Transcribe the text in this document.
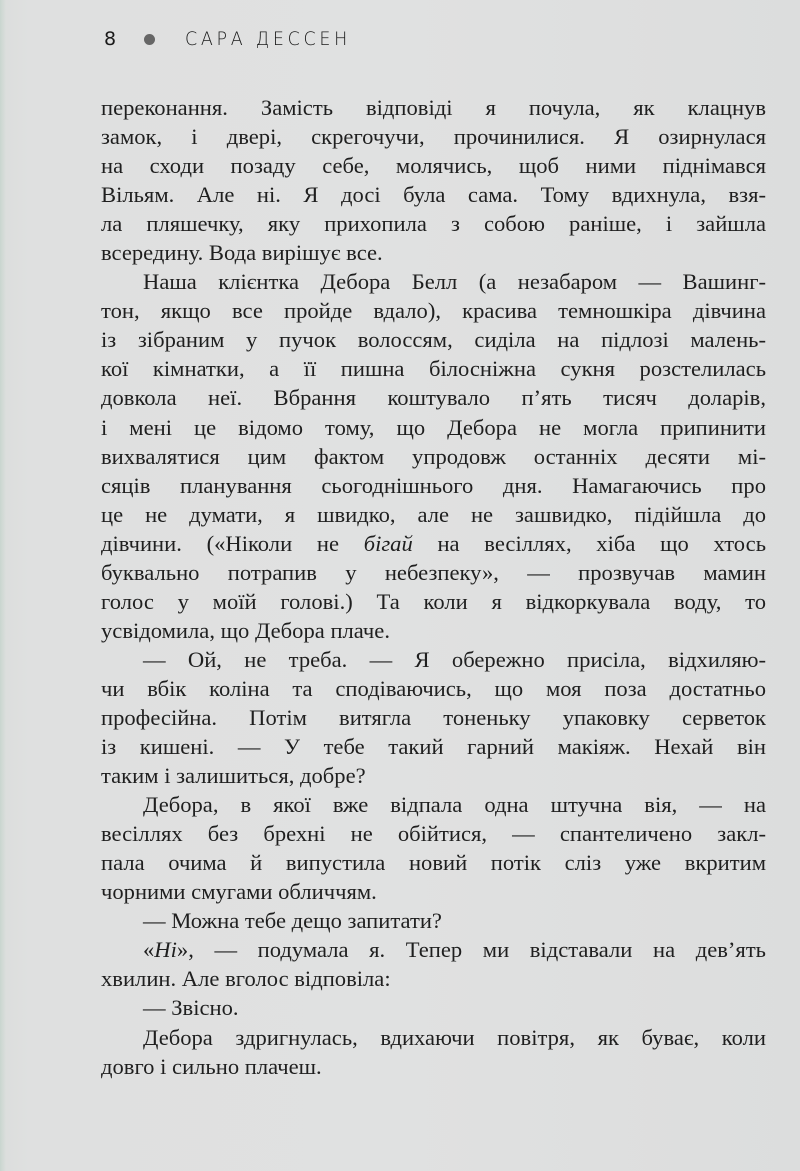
8	САРА ДЕССЕН
переконання. Замість відповіді я почула, як клацнув
замок, і двері, скрегочучи, прочинилися. Я озирнулася
на сходи позаду себе, молячись, щоб ними піднімався
Вільям. Але ні. Я досі була сама. Тому вдихнула, взя-
ла пляшечку, яку прихопила з собою раніше, і зайшла
всередину. Вода вирішує все.
Наша клієнтка Дебора Белл (а незабаром — Вашинг-
тон, якщо все пройде вдало), красива темношкіра дівчина
із зібраним у пучок волоссям, сиділа на підлозі малень-
кої кімнатки, а її пишна білосніжна сукня розстелилась
довкола неї. Вбрання коштувало п’ять тисяч доларів,
і мені це відомо тому, що Дебора не могла припинити
вихвалятися цим фактом упродовж останніх десяти мі-
сяців планування сьогоднішнього дня. Намагаючись про
це не думати, я швидко, але не зашвидко, підійшла до
дівчини. («Ніколи не бігай на весіллях, хіба що хтось
буквально потрапив у небезпеку», — прозвучав мамин
голос у моїй голові.) Та коли я відкоркувала воду, то
усвідомила, що Дебора плаче.
— Ой, не треба. — Я обережно присіла, відхиляю-
чи вбік коліна та сподіваючись, що моя поза достатньо
професійна. Потім витягла тоненьку упаковку серветок
із кишені. — У тебе такий гарний макіяж. Нехай він
таким і залишиться, добре?
Дебора, в якої вже відпала одна штучна вія, — на
весіллях без брехні не обійтися, — спантеличено закл-
пала очима й випустила новий потік сліз уже вкритим
чорними смугами обличчям.
— Можна тебе дещо запитати?
«Ні», — подумала я. Тепер ми відставали на дев’ять
хвилин. Але вголос відповіла:
— Звісно.
Дебора здригнулась, вдихаючи повітря, як буває, коли
довго і сильно плачеш.
